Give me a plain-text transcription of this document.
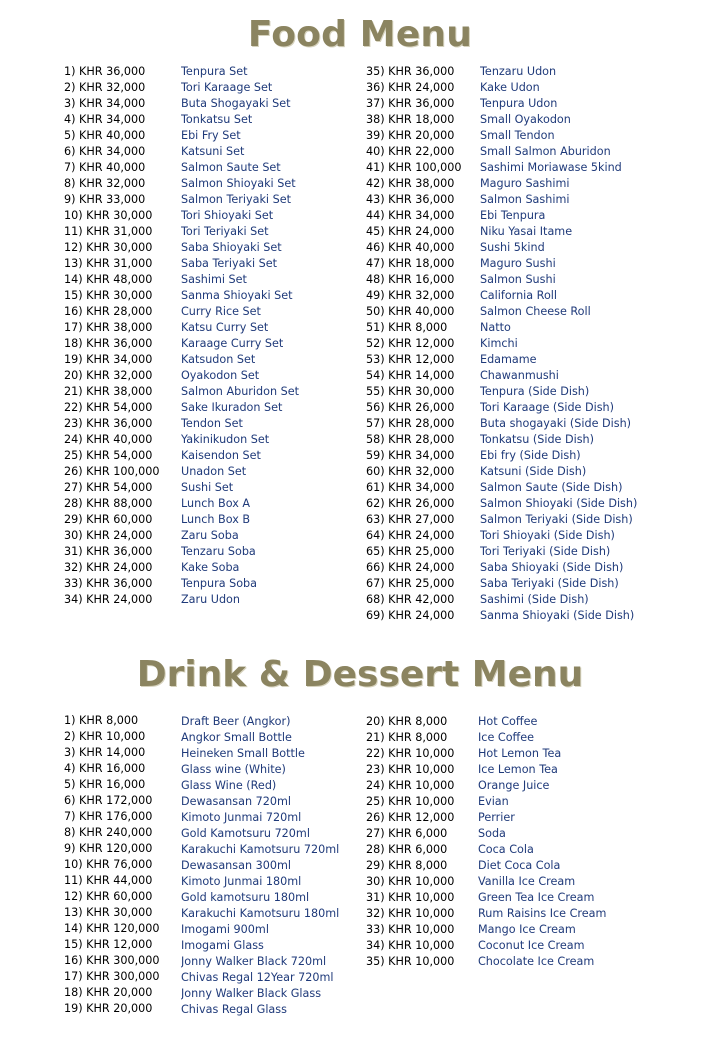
Food Menu
1) KHR 36,000	Tenpura Set
2) KHR 32,000	Tori Karaage Set
3) KHR 34,000	Buta Shogayaki Set
4) KHR 34,000	Tonkatsu Set
5) KHR 40,000	Ebi Fry Set
6) KHR 34,000	Katsuni Set
7) KHR 40,000	Salmon Saute Set
8) KHR 32,000	Salmon Shioyaki Set
9) KHR 33,000	Salmon Teriyaki Set
10) KHR 30,000	Tori Shioyaki Set
11) KHR 31,000	Tori Teriyaki Set
12) KHR 30,000	Saba Shioyaki Set
13) KHR 31,000	Saba Teriyaki Set
14) KHR 48,000	Sashimi Set
15) KHR 30,000	Sanma Shioyaki Set
16) KHR 28,000	Curry Rice Set
17) KHR 38,000	Katsu Curry Set
18) KHR 36,000	Karaage Curry Set
19) KHR 34,000	Katsudon Set
20) KHR 32,000	Oyakodon Set
21) KHR 38,000	Salmon Aburidon Set
22) KHR 54,000	Sake Ikuradon Set
23) KHR 36,000	Tendon Set
24) KHR 40,000	Yakinikudon Set
25) KHR 54,000	Kaisendon Set
26) KHR 100,000	Unadon Set
27) KHR 54,000	Sushi Set
28) KHR 88,000	Lunch Box A
29) KHR 60,000	Lunch Box B
30) KHR 24,000	Zaru Soba
31) KHR 36,000	Tenzaru Soba
32) KHR 24,000	Kake Soba
33) KHR 36,000	Tenpura Soba
34) KHR 24,000	Zaru Udon
35) KHR 36,000	Tenzaru Udon
36) KHR 24,000	Kake Udon
37) KHR 36,000	Tenpura Udon
38) KHR 18,000	Small Oyakodon
39) KHR 20,000	Small Tendon
40) KHR 22,000	Small Salmon Aburidon
41) KHR 100,000	Sashimi Moriawase 5kind
42) KHR 38,000	Maguro Sashimi
43) KHR 36,000	Salmon Sashimi
44) KHR 34,000	Ebi Tenpura
45) KHR 24,000	Niku Yasai Itame
46) KHR 40,000	Sushi 5kind
47) KHR 18,000	Maguro Sushi
48) KHR 16,000	Salmon Sushi
49) KHR 32,000	California Roll
50) KHR 40,000	Salmon Cheese Roll
51) KHR 8,000	Natto
52) KHR 12,000	Kimchi
53) KHR 12,000	Edamame
54) KHR 14,000	Chawanmushi
55) KHR 30,000	Tenpura (Side Dish)
56) KHR 26,000	Tori Karaage (Side Dish)
57) KHR 28,000	Buta shogayaki (Side Dish)
58) KHR 28,000	Tonkatsu (Side Dish)
59) KHR 34,000	Ebi fry (Side Dish)
60) KHR 32,000	Katsuni (Side Dish)
61) KHR 34,000	Salmon Saute (Side Dish)
62) KHR 26,000	Salmon Shioyaki (Side Dish)
63) KHR 27,000	Salmon Teriyaki (Side Dish)
64) KHR 24,000	Tori Shioyaki (Side Dish)
65) KHR 25,000	Tori Teriyaki (Side Dish)
66) KHR 24,000	Saba Shioyaki (Side Dish)
67) KHR 25,000	Saba Teriyaki (Side Dish)
68) KHR 42,000	Sashimi (Side Dish)
69) KHR 24,000	Sanma Shioyaki (Side Dish)
Drink & Dessert Menu
1) KHR 8,000	Draft Beer (Angkor)
2) KHR 10,000	Angkor Small Bottle
3) KHR 14,000	Heineken Small Bottle
4) KHR 16,000	Glass wine (White)
5) KHR 16,000	Glass Wine (Red)
6) KHR 172,000	Dewasansan 720ml
7) KHR 176,000	Kimoto Junmai 720ml
8) KHR 240,000	Gold Kamotsuru 720ml
9) KHR 120,000	Karakuchi Kamotsuru 720ml
10) KHR 76,000	Dewasansan 300ml
11) KHR 44,000	Kimoto Junmai 180ml
12) KHR 60,000	Gold kamotsuru 180ml
13) KHR 30,000	Karakuchi Kamotsuru 180ml
14) KHR 120,000	Imogami 900ml
15) KHR 12,000	Imogami Glass
16) KHR 300,000	Jonny Walker Black 720ml
17) KHR 300,000	Chivas Regal 12Year 720ml
18) KHR 20,000	Jonny Walker Black Glass
19) KHR 20,000	Chivas Regal Glass
20) KHR 8,000	Hot Coffee
21) KHR 8,000	Ice Coffee
22) KHR 10,000	Hot Lemon Tea
23) KHR 10,000	Ice Lemon Tea
24) KHR 10,000	Orange Juice
25) KHR 10,000	Evian
26) KHR 12,000	Perrier
27) KHR 6,000	Soda
28) KHR 6,000	Coca Cola
29) KHR 8,000	Diet Coca Cola
30) KHR 10,000	Vanilla Ice Cream
31) KHR 10,000	Green Tea Ice Cream
32) KHR 10,000	Rum Raisins Ice Cream
33) KHR 10,000	Mango Ice Cream
34) KHR 10,000	Coconut Ice Cream
35) KHR 10,000	Chocolate Ice Cream
